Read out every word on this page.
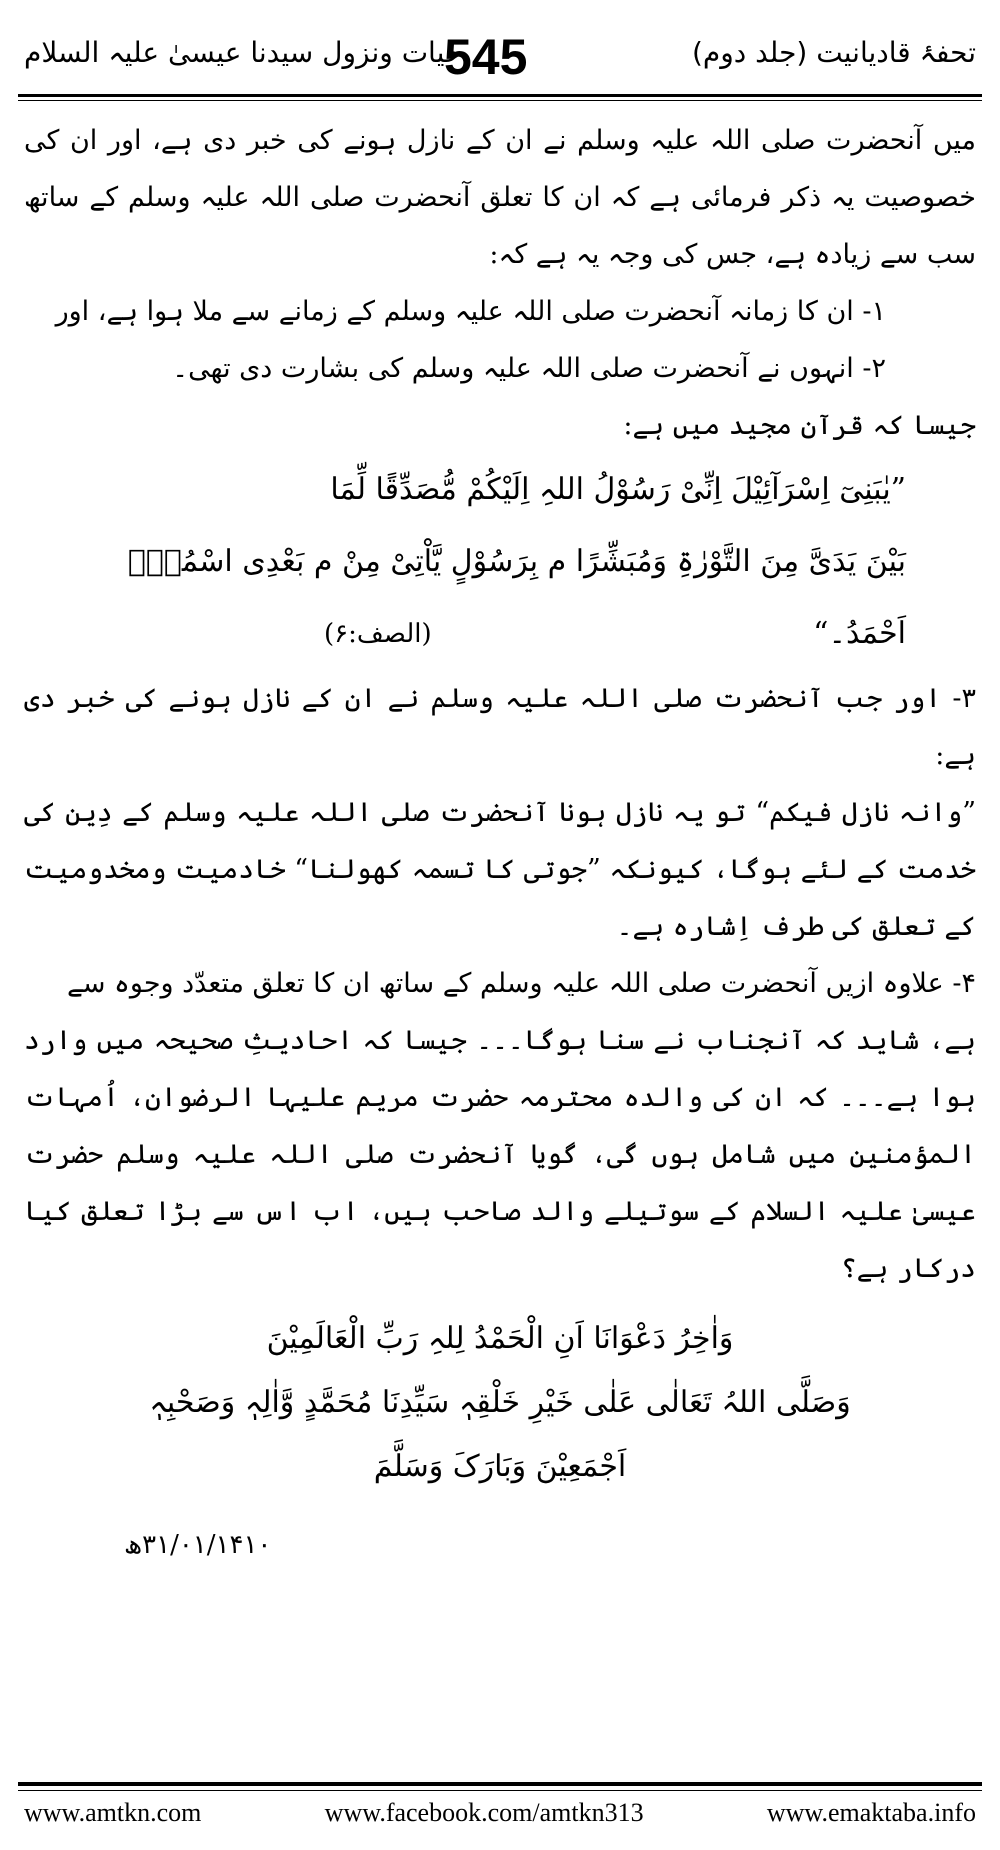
تحفۂ قادیانیت (جلد دوم)
545
حیات ونزول سیدنا عیسیٰ علیہ السلام

میں آنحضرت صلی اللہ علیہ وسلم نے ان کے نازل ہونے کی خبر دی ہے، اور ان کی خصوصیت یہ ذکر فرمائی ہے کہ ان کا تعلق آنحضرت صلی اللہ علیہ وسلم کے ساتھ سب سے زیادہ ہے، جس کی وجہ یہ ہے کہ:

۱- ان کا زمانہ آنحضرت صلی اللہ علیہ وسلم کے زمانے سے ملا ہوا ہے، اور

۲- انہوں نے آنحضرت صلی اللہ علیہ وسلم کی بشارت دی تھی۔

جیسا کہ قرآن مجید میں ہے:

”یٰبَنِیٓ اِسْرَآئِیْلَ اِنِّیْ رَسُوْلُ اللہِ اِلَیْکُمْ مُّصَدِّقًا لِّمَا
بَیْنَ یَدَیَّ مِنَ التَّوْرٰۃِ وَمُبَشِّرًا م بِرَسُوْلٍ یَّاْتِیْ مِنْ م بَعْدِی اسْمُہٗٓ
اَحْمَدُ۔“
(الصف:۶)

۳- اور جب آنحضرت صلی اللہ علیہ وسلم نے ان کے نازل ہونے کی خبر دی ہے:

”وانہ نازل فیکم“ تو یہ نازل ہونا آنحضرت صلی اللہ علیہ وسلم کے دِین کی خدمت کے لئے ہوگا، کیونکہ ”جوتی کا تسمہ کھولنا“ خادمیت ومخدومیت کے تعلق کی طرف اِشارہ ہے۔

۴- علاوہ ازیں آنحضرت صلی اللہ علیہ وسلم کے ساتھ ان کا تعلق متعدّد وجوہ سے

ہے، شاید کہ آنجناب نے سنا ہوگا۔۔۔ جیسا کہ احادیثِ صحیحہ میں وارد ہوا ہے۔۔۔ کہ ان کی والدہ محترمہ حضرت مریم علیہا الرضوان، اُمہات المؤمنین میں شامل ہوں گی، گویا آنحضرت صلی اللہ علیہ وسلم حضرت عیسیٰ علیہ السلام کے سوتیلے والد صاحب ہیں، اب اس سے بڑا تعلق کیا درکار ہے؟

وَاٰخِرُ دَعْوَانَا اَنِ الْحَمْدُ لِلہِ رَبِّ الْعَالَمِیْنَ
وَصَلَّی اللہُ تَعَالٰی عَلٰی خَیْرِ خَلْقِہٖ سَیِّدِنَا مُحَمَّدٍ وَّاٰلِہٖ وَصَحْبِہٖ
اَجْمَعِیْنَ وَبَارَکَ وَسَلَّمَ
۳۱/۰۱/۱۴۱۰ھ
www.amtkn.com	www.facebook.com/amtkn313	www.emaktaba.info
